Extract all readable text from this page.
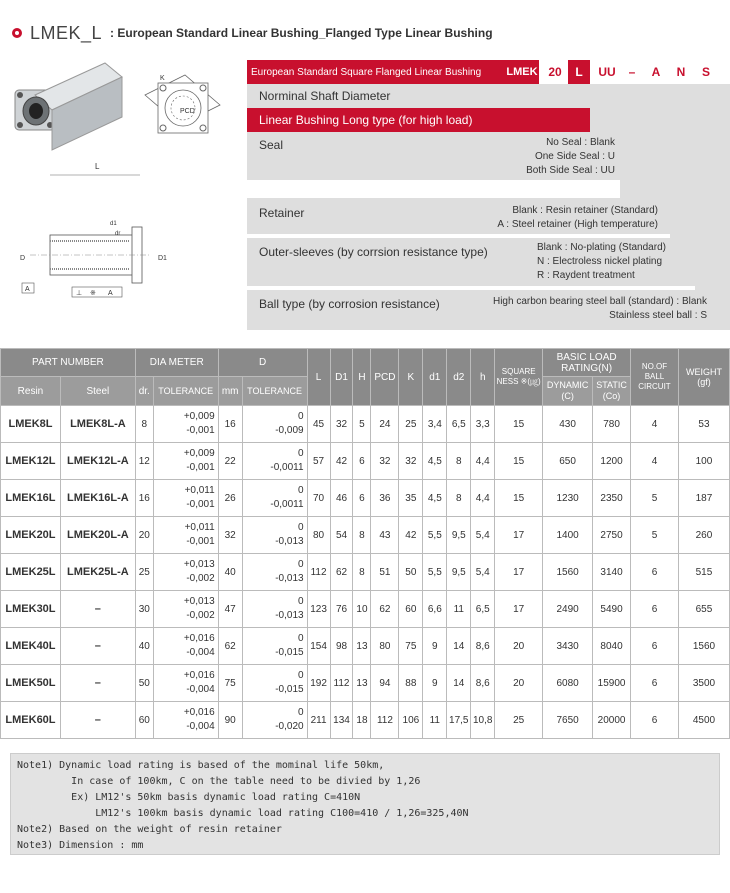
LMEK_L : European Standard Linear Bushing_Flanged Type Linear Bushing
PCD
K
L
D	D1
d1
dr
A
⊥ ※ A
European Standard Square Flanged Linear Bushing	LMEK 20	L	UU	–	A	N	S
Norminal Shaft Diameter
Linear Bushing Long type (for high load)
Seal	No Seal : Blank
One Side Seal : U
Both Side Seal : UU
Retainer	Blank : Resin retainer (Standard)
A : Steel retainer (High temperature)
Outer-sleeves (by corrsion resistance type)	Blank : No-plating (Standard)
N : Electroless nickel plating
R : Raydent treatment
Ball type (by corrosion resistance)	High carbon bearing steel ball (standard) : Blank
Stainless steel ball : S
PART NUMBER		DIA METER		D		L	D1	H	PCD	K	d1	d2	h	SQUARE NESS ※(㎍)	BASIC LOAD RATING(N)		NO.OF BALL CIRCUIT	WEIGHT (gf)
Resin	Steel	dr.	TOLERANCE	mm	TOLERANCE										DYNAMIC (C)	STATIC (Co)		
LMEK8L	LMEK8L-A	8	+0,009
-0,001	16	0
-0,009	45	32	5	24	25	3,4	6,5	3,3	15	430	780	4	53
LMEK12L	LMEK12L-A	12	+0,009
-0,001	22	0
-0,0011	57	42	6	32	32	4,5	8	4,4	15	650	1200	4	100
LMEK16L	LMEK16L-A	16	+0,011
-0,001	26	0
-0,0011	70	46	6	36	35	4,5	8	4,4	15	1230	2350	5	187
LMEK20L	LMEK20L-A	20	+0,011
-0,001	32	0
-0,013	80	54	8	43	42	5,5	9,5	5,4	17	1400	2750	5	260
LMEK25L	LMEK25L-A	25	+0,013
-0,002	40	0
-0,013	112	62	8	51	50	5,5	9,5	5,4	17	1560	3140	6	515
LMEK30L	–	30	+0,013
-0,002	47	0
-0,013	123	76	10	62	60	6,6	11	6,5	17	2490	5490	6	655
LMEK40L	–	40	+0,016
-0,004	62	0
-0,015	154	98	13	80	75	9	14	8,6	20	3430	8040	6	1560
LMEK50L	–	50	+0,016
-0,004	75	0
-0,015	192	112	13	94	88	9	14	8,6	20	6080	15900	6	3500
LMEK60L	–	60	+0,016
-0,004	90	0
-0,020	211	134	18	112	106	11	17,5	10,8	25	7650	20000	6	4500
Note1) Dynamic load rating is based of the mominal life 50km,
In case of 100km, C on the table need to be divied by 1,26
Ex) LM12's 50km basis dynamic load rating C=410N
LM12's 100km basis dynamic load rating C100=410 / 1,26=325,40N
Note2) Based on the weight of resin retainer
Note3) Dimension : mm
